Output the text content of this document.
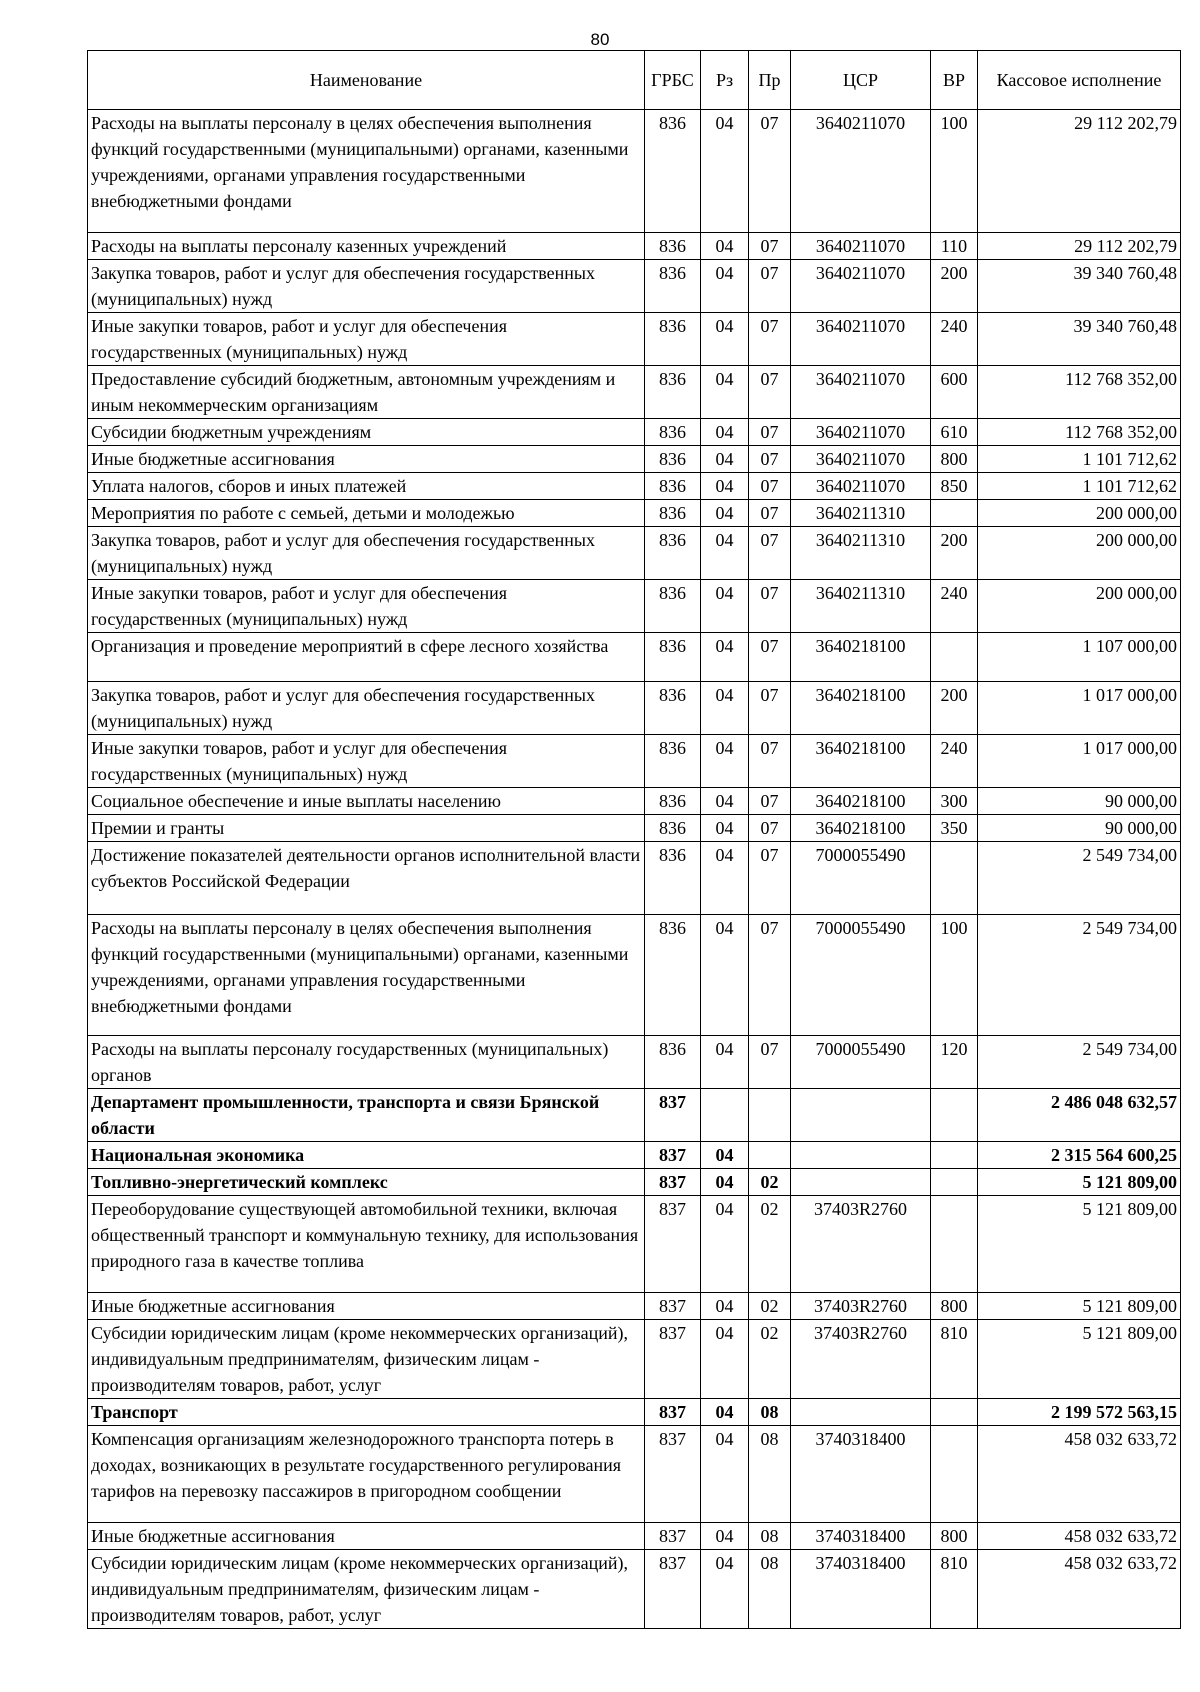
80
Наименование	ГРБС	Рз	Пр	ЦСР	ВР	Кассовое исполнение
Расходы на выплаты персоналу в целях обеспечения выполнения функций государственными (муниципальными) органами, казенными учреждениями, органами управления государственными внебюджетными фондами	836	04	07	3640211070	100	29 112 202,79
Расходы на выплаты персоналу казенных учреждений	836	04	07	3640211070	110	29 112 202,79
Закупка товаров, работ и услуг для обеспечения государственных (муниципальных) нужд	836	04	07	3640211070	200	39 340 760,48
Иные закупки товаров, работ и услуг для обеспечения государственных (муниципальных) нужд	836	04	07	3640211070	240	39 340 760,48
Предоставление субсидий бюджетным, автономным учреждениям и иным некоммерческим организациям	836	04	07	3640211070	600	112 768 352,00
Субсидии бюджетным учреждениям	836	04	07	3640211070	610	112 768 352,00
Иные бюджетные ассигнования	836	04	07	3640211070	800	1 101 712,62
Уплата налогов, сборов и иных платежей	836	04	07	3640211070	850	1 101 712,62
Мероприятия по работе с семьей, детьми и молодежью	836	04	07	3640211310		200 000,00
Закупка товаров, работ и услуг для обеспечения государственных (муниципальных) нужд	836	04	07	3640211310	200	200 000,00
Иные закупки товаров, работ и услуг для обеспечения государственных (муниципальных) нужд	836	04	07	3640211310	240	200 000,00
Организация и проведение мероприятий в сфере лесного хозяйства	836	04	07	3640218100		1 107 000,00
Закупка товаров, работ и услуг для обеспечения государственных (муниципальных) нужд	836	04	07	3640218100	200	1 017 000,00
Иные закупки товаров, работ и услуг для обеспечения государственных (муниципальных) нужд	836	04	07	3640218100	240	1 017 000,00
Социальное обеспечение и иные выплаты населению	836	04	07	3640218100	300	90 000,00
Премии и гранты	836	04	07	3640218100	350	90 000,00
Достижение показателей деятельности органов исполнительной власти субъектов Российской Федерации	836	04	07	7000055490		2 549 734,00
Расходы на выплаты персоналу в целях обеспечения выполнения функций государственными (муниципальными) органами, казенными учреждениями, органами управления государственными внебюджетными фондами	836	04	07	7000055490	100	2 549 734,00
Расходы на выплаты персоналу государственных (муниципальных) органов	836	04	07	7000055490	120	2 549 734,00
Департамент промышленности, транспорта и связи Брянской области	837					2 486 048 632,57
Национальная экономика	837	04				2 315 564 600,25
Топливно-энергетический комплекс	837	04	02			5 121 809,00
Переоборудование существующей автомобильной техники, включая общественный транспорт и коммунальную технику, для использования природного газа в качестве топлива	837	04	02	37403R2760		5 121 809,00
Иные бюджетные ассигнования	837	04	02	37403R2760	800	5 121 809,00
Субсидии юридическим лицам (кроме некоммерческих организаций), индивидуальным предпринимателям, физическим лицам - производителям товаров, работ, услуг	837	04	02	37403R2760	810	5 121 809,00
Транспорт	837	04	08			2 199 572 563,15
Компенсация организациям железнодорожного транспорта потерь в доходах, возникающих в результате государственного регулирования тарифов на перевозку пассажиров в пригородном сообщении	837	04	08	3740318400		458 032 633,72
Иные бюджетные ассигнования	837	04	08	3740318400	800	458 032 633,72
Субсидии юридическим лицам (кроме некоммерческих организаций), индивидуальным предпринимателям, физическим лицам - производителям товаров, работ, услуг	837	04	08	3740318400	810	458 032 633,72
